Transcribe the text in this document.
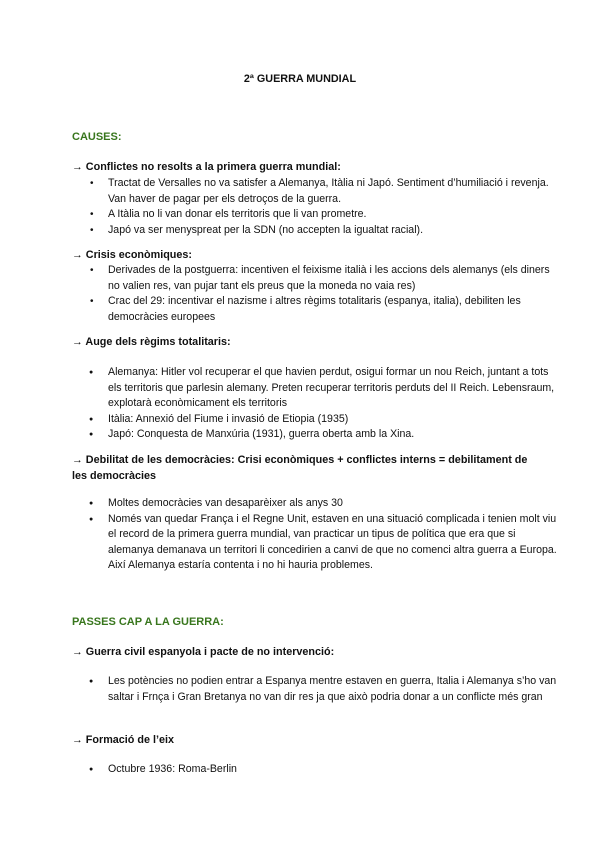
2ª GUERRA MUNDIAL
CAUSES:
→ Conflictes no resolts a la primera guerra mundial:
• Tractat de Versalles no va satisfer a Alemanya, Itàlia ni Japó. Sentiment d’humiliació i revenja. Van haver de pagar per els detroços de la guerra.
• A Itàlia no li van donar els territoris que li van prometre.
• Japó va ser menyspreat per la SDN (no accepten la igualtat racial).
→ Crisis econòmiques:
• Derivades de la postguerra: incentiven el feixisme italià i les accions dels alemanys (els diners no valien res, van pujar tant els preus que la moneda no vaia res)
• Crac del 29: incentivar el nazisme i altres règims totalitaris (espanya, italia), debiliten les democràcies europees
→ Auge dels règims totalitaris:
● Alemanya: Hitler vol recuperar el que havien perdut, osigui formar un nou Reich, juntant a tots els territoris que parlesin alemany. Preten recuperar territoris perduts del II Reich. Lebensraum, explotarà econòmicament els territoris
● Itàlia: Annexió del Fiume i invasió de Etiopia (1935)
● Japó: Conquesta de Manxúria (1931), guerra oberta amb la Xina.
→ Debilitat de les democràcies: Crisi econòmiques + conflictes interns = debilitament de les democràcies
● Moltes democràcies van desaparèixer als anys 30
● Només van quedar França i el Regne Unit, estaven en una situació complicada i tenien molt viu el record de la primera guerra mundial, van practicar un tipus de política que era que si alemanya demanava un territori li concedirien a canvi de que no comenci altra guerra a Europa. Així Alemanya estaría contenta i no hi hauria problemes.
PASSES CAP A LA GUERRA:
→ Guerra civil espanyola i pacte de no intervenció:
● Les potències no podien entrar a Espanya mentre estaven en guerra, Italia i Alemanya s’ho van saltar i Frnça i Gran Bretanya no van dir res ja que això podria donar a un conflicte més gran
→ Formació de l’eix
● Octubre 1936: Roma-Berlin
